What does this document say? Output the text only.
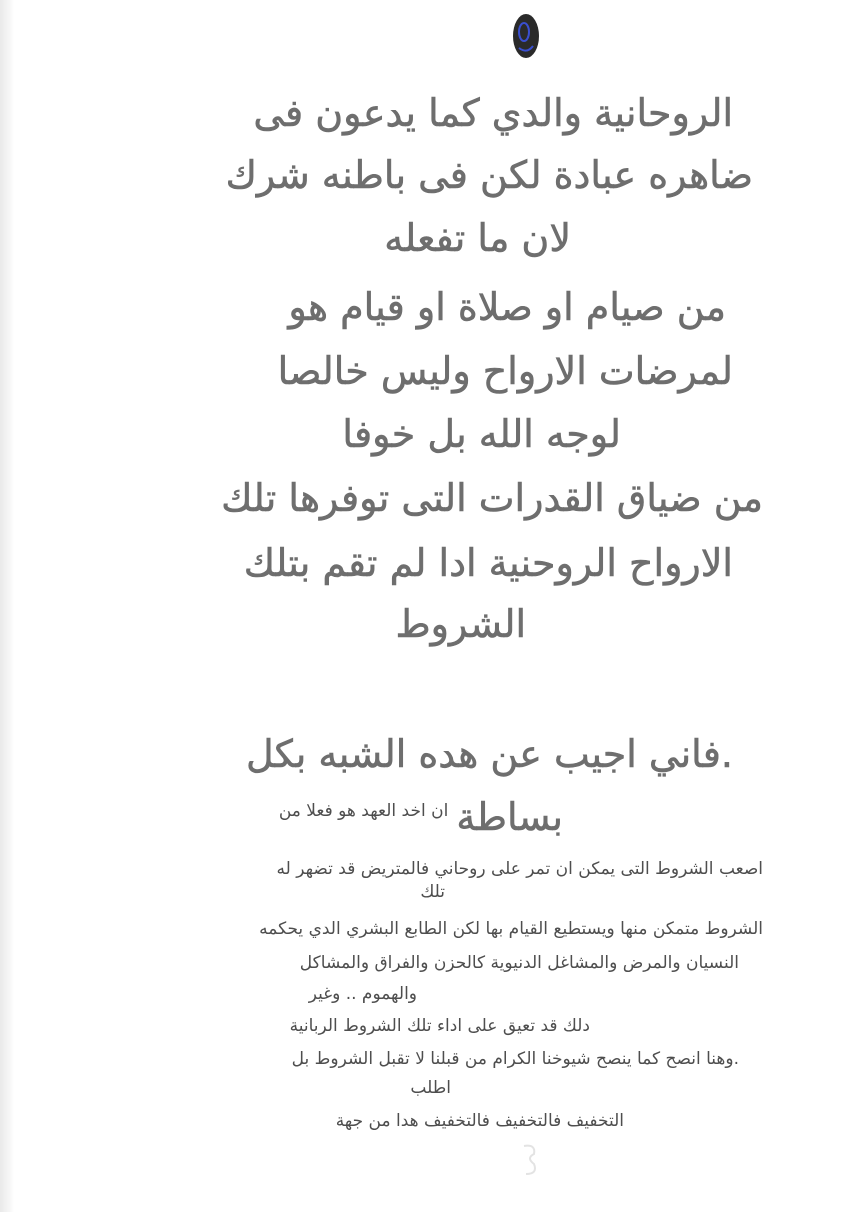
الروحانية والدي كما يدعون فى
ضاهره عبادة لكن فى باطنه شرك
لان ما تفعله
من صيام او صلاة او قيام هو
لمرضات الارواح وليس خالصا
لوجه الله بل خوفا
من ضياق القدرات التى توفرها تلك
الارواح الروحنية ادا لم تقم بتلك
الشروط
.فاني اجيب عن هده الشبه بكل
بساطة$^{ان اخد العهد هو فعلا من}$
اصعب الشروط التى يمكن ان تمر على روحاني فالمتريض قد تضهر له
تلك
الشروط متمكن منها ويستطيع القيام بها لكن الطابع البشري الدي يحكمه
النسيان والمرض والمشاغل الدنيوية كالحزن والفراق والمشاكل
والهموم .. وغير
دلك قد تعيق على اداء تلك الشروط الربانية
.وهنا انصح كما ينصح شيوخنا الكرام من قبلنا لا تقبل الشروط بل
اطلب
التخفيف فالتخفيف فالتخفيف هدا من جهة
